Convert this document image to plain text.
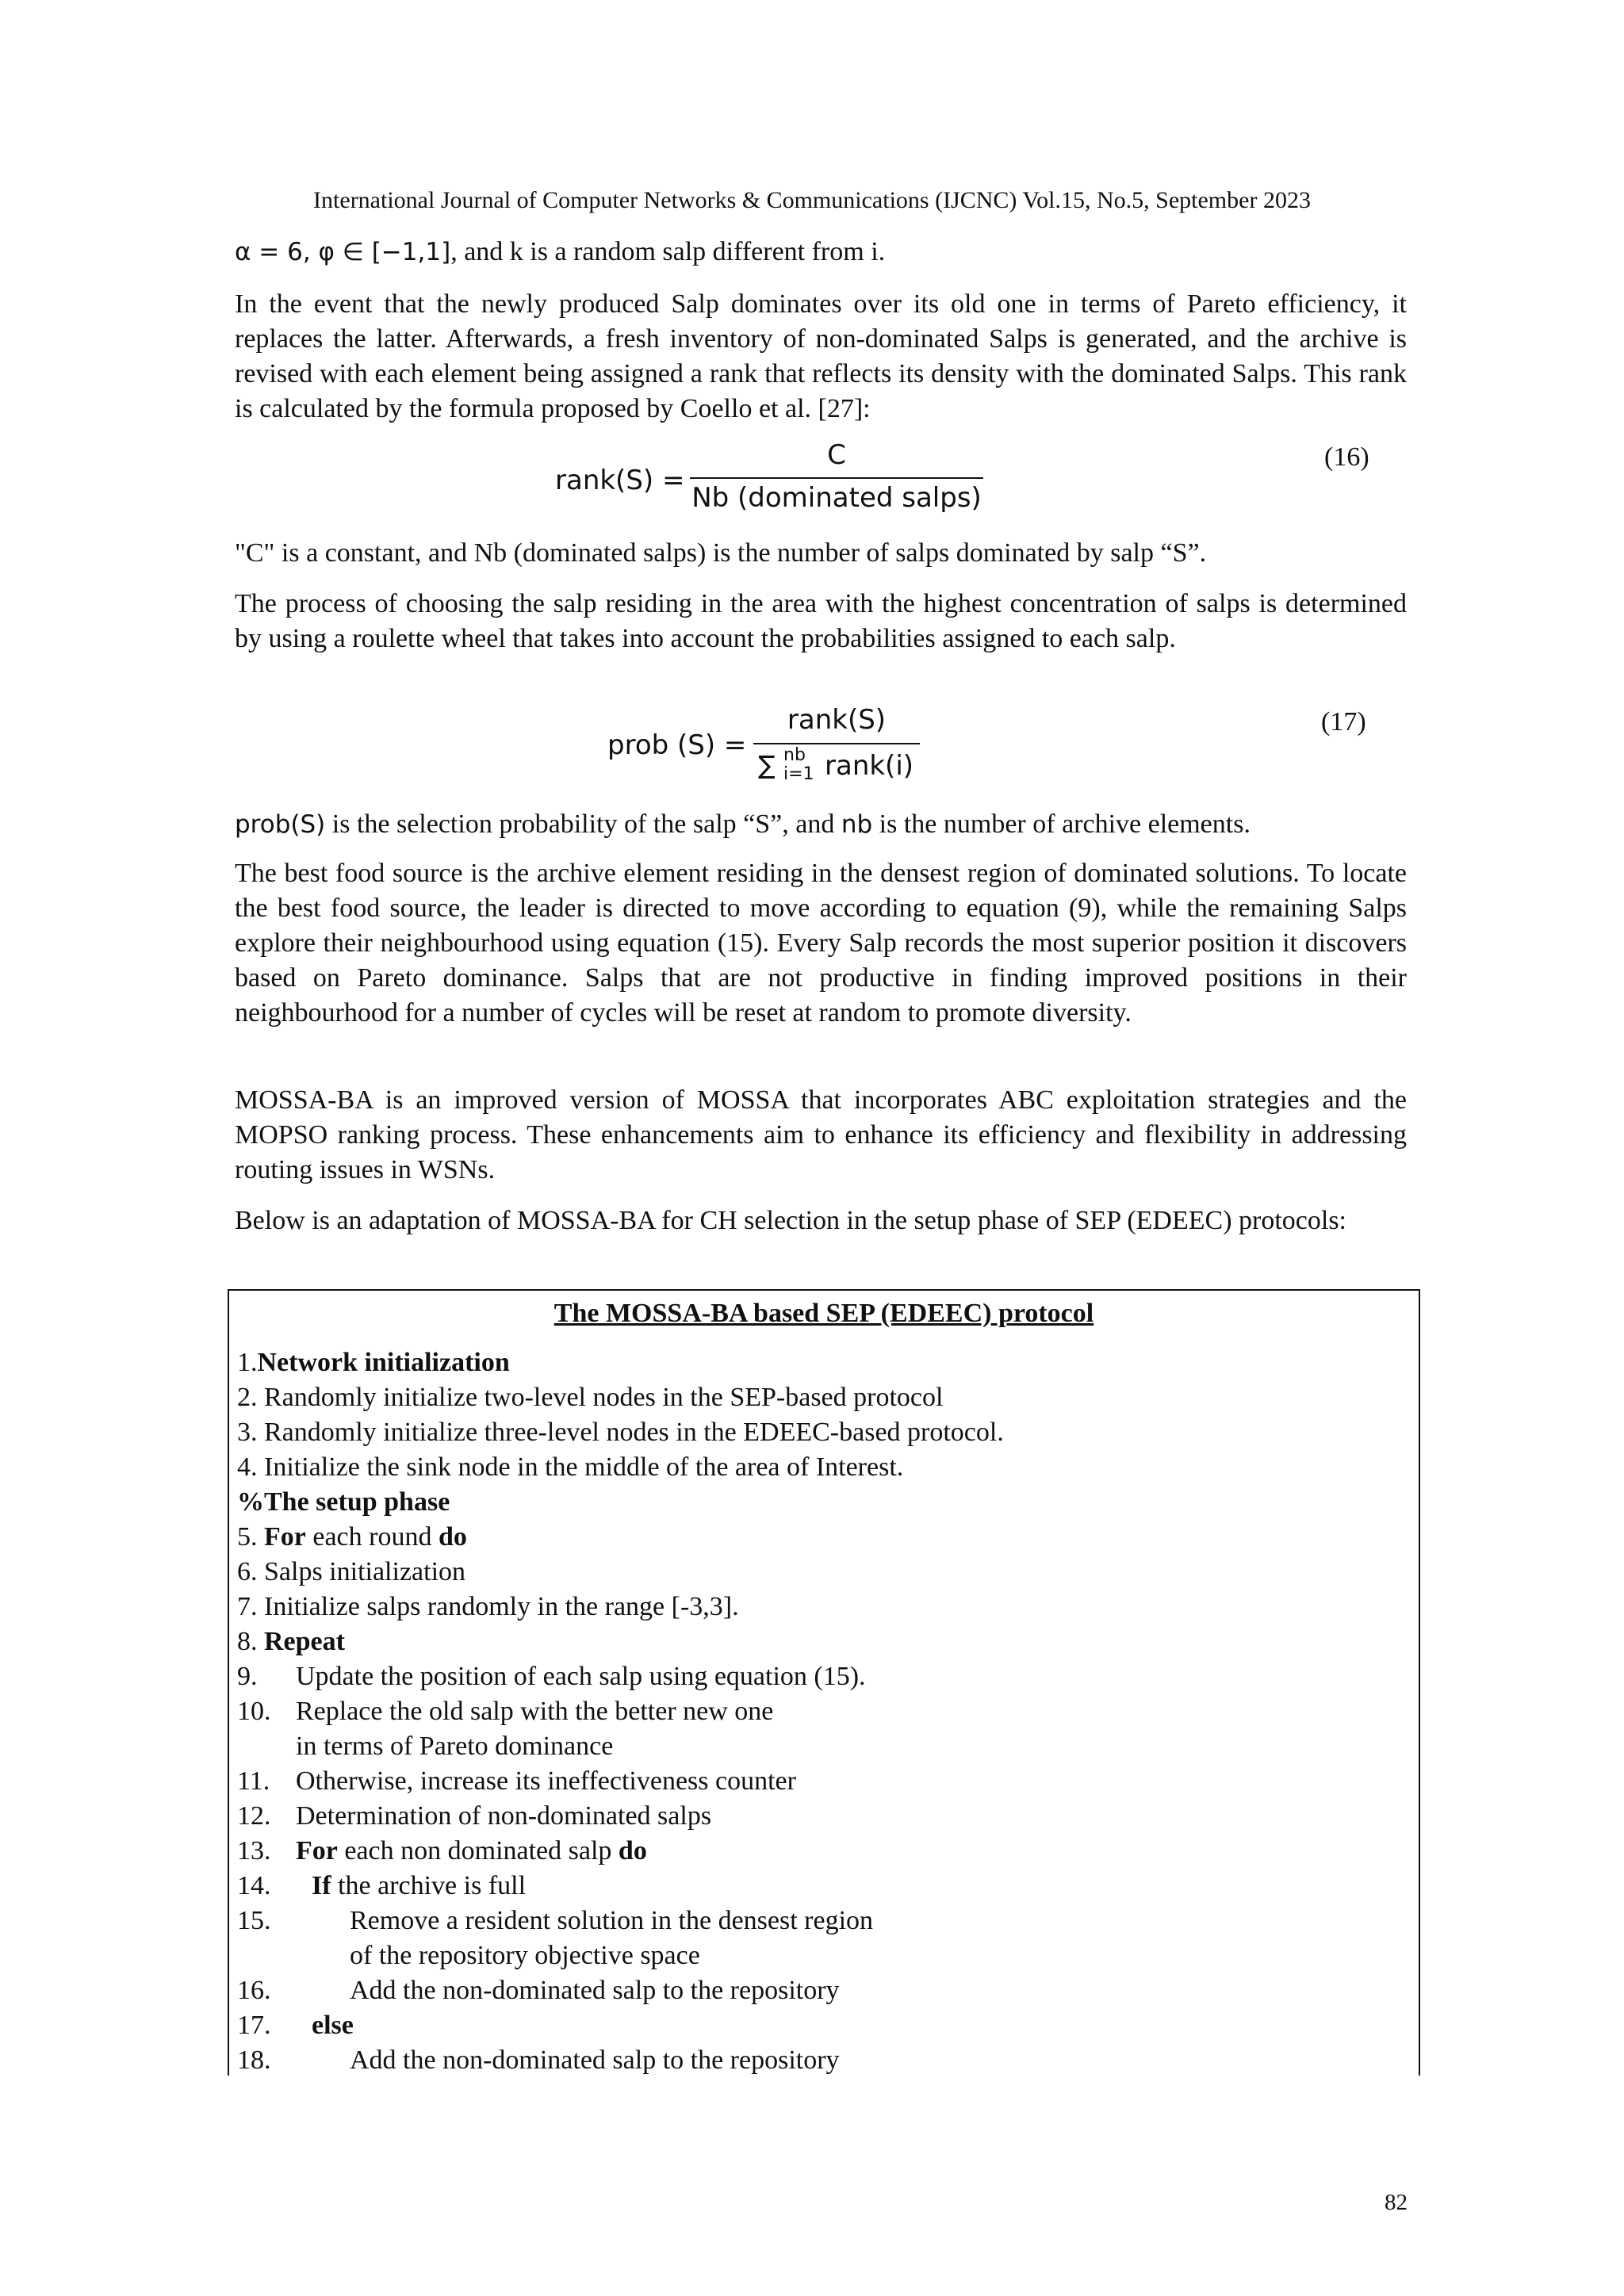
International Journal of Computer Networks & Communications (IJCNC) Vol.15, No.5, September 2023
α = 6, φ ∈ [−1,1], and k is a random salp different from i.

In the event that the newly produced Salp dominates over its old one in terms of Pareto efficiency, it replaces the latter. Afterwards, a fresh inventory of non-dominated Salps is generated, and the archive is revised with each element being assigned a rank that reflects its density with the dominated Salps. This rank is calculated by the formula proposed by Coello et al. [27]:

rank(S) =
C
Nb (dominated salps)
(16)

"C" is a constant, and Nb (dominated salps) is the number of salps dominated by salp “S”.

The process of choosing the salp residing in the area with the highest concentration of salps is determined by using a roulette wheel that takes into account the probabilities assigned to each salp.

prob (S) =
rank(S)
∑ nb
i=1 rank(i)
(17)
prob(S) is the selection probability of the salp “S”, and nb is the number of archive elements.

The best food source is the archive element residing in the densest region of dominated solutions. To locate the best food source, the leader is directed to move according to equation (9), while the remaining Salps explore their neighbourhood using equation (15). Every Salp records the most superior position it discovers based on Pareto dominance. Salps that are not productive in finding improved positions in their neighbourhood for a number of cycles will be reset at random to promote diversity.

MOSSA-BA is an improved version of MOSSA that incorporates ABC exploitation strategies and the MOPSO ranking process. These enhancements aim to enhance its efficiency and flexibility in addressing routing issues in WSNs.

Below is an adaptation of MOSSA-BA for CH selection in the setup phase of SEP (EDEEC) protocols:

The MOSSA-BA based SEP (EDEEC) protocol
1.Network initialization
2. Randomly initialize two-level nodes in the SEP-based protocol
3. Randomly initialize three-level nodes in the EDEEC-based protocol.
4. Initialize the sink node in the middle of the area of Interest.
%The setup phase
5. For each round do
6. Salps initialization
7. Initialize salps randomly in the range [-3,3].
8. Repeat
9. Update the position of each salp using equation (15).
10. Replace the old salp with the better new one
in terms of Pareto dominance
11. Otherwise, increase its ineffectiveness counter
12. Determination of non-dominated salps
13. For each non dominated salp do
14. If the archive is full
15.	Remove a resident solution in the densest region
of the repository objective space
16.	Add the non-dominated salp to the repository
17. else
18.	Add the non-dominated salp to the repository
82
